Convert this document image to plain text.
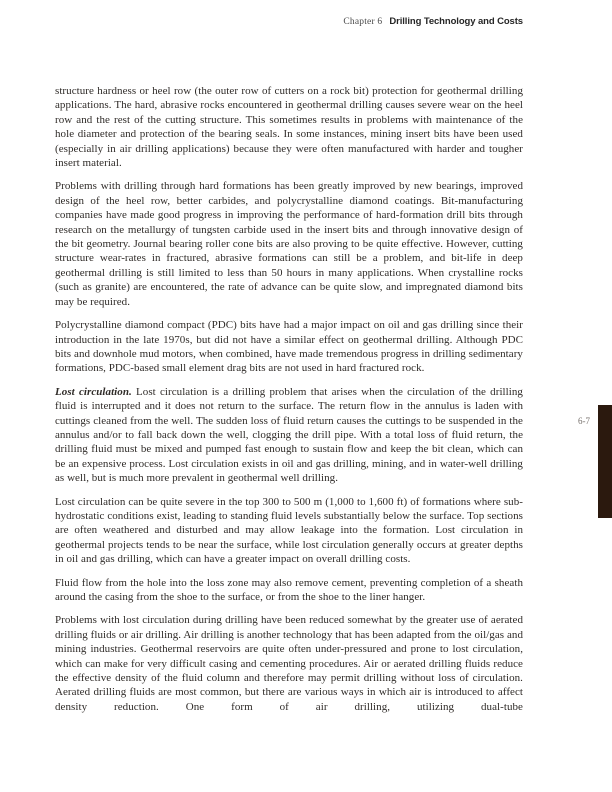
Chapter 6 Drilling Technology and Costs

structure hardness or heel row (the outer row of cutters on a rock bit) protection for geothermal drilling applications. The hard, abrasive rocks encountered in geothermal drilling causes severe wear on the heel row and the rest of the cutting structure. This sometimes results in problems with maintenance of the hole diameter and protection of the bearing seals. In some instances, mining insert bits have been used (especially in air drilling applications) because they were often manufactured with harder and tougher insert material.

Problems with drilling through hard formations has been greatly improved by new bearings, improved design of the heel row, better carbides, and polycrystalline diamond coatings. Bit-manufacturing companies have made good progress in improving the performance of hard-formation drill bits through research on the metallurgy of tungsten carbide used in the insert bits and through innovative design of the bit geometry. Journal bearing roller cone bits are also proving to be quite effective. However, cutting structure wear-rates in fractured, abrasive formations can still be a problem, and bit-life in deep geothermal drilling is still limited to less than 50 hours in many applications. When crystalline rocks (such as granite) are encountered, the rate of advance can be quite slow, and impregnated diamond bits may be required.

Polycrystalline diamond compact (PDC) bits have had a major impact on oil and gas drilling since their introduction in the late 1970s, but did not have a similar effect on geothermal drilling. Although PDC bits and downhole mud motors, when combined, have made tremendous progress in drilling sedimentary formations, PDC-based small element drag bits are not used in hard fractured rock.

Lost circulation. Lost circulation is a drilling problem that arises when the circulation of the drilling fluid is interrupted and it does not return to the surface. The return flow in the annulus is laden with cuttings cleaned from the well. The sudden loss of fluid return causes the cuttings to be suspended in the annulus and/or to fall back down the well, clogging the drill pipe. With a total loss of fluid return, the drilling fluid must be mixed and pumped fast enough to sustain flow and keep the bit clean, which can be an expensive process. Lost circulation exists in oil and gas drilling, mining, and in water-well drilling as well, but is much more prevalent in geothermal well drilling.

Lost circulation can be quite severe in the top 300 to 500 m (1,000 to 1,600 ft) of formations where sub-hydrostatic conditions exist, leading to standing fluid levels substantially below the surface. Top sections are often weathered and disturbed and may allow leakage into the formation. Lost circulation in geothermal projects tends to be near the surface, while lost circulation generally occurs at greater depths in oil and gas drilling, which can have a greater impact on overall drilling costs.

Fluid flow from the hole into the loss zone may also remove cement, preventing completion of a sheath around the casing from the shoe to the surface, or from the shoe to the liner hanger.

Problems with lost circulation during drilling have been reduced somewhat by the greater use of aerated drilling fluids or air drilling. Air drilling is another technology that has been adapted from the oil/gas and mining industries. Geothermal reservoirs are quite often under-pressured and prone to lost circulation, which can make for very difficult casing and cementing procedures. Air or aerated drilling fluids reduce the effective density of the fluid column and therefore may permit drilling without loss of circulation. Aerated drilling fluids are most common, but there are various ways in which air is introduced to affect density reduction. One form of air drilling, utilizing dual-tube

6-7
